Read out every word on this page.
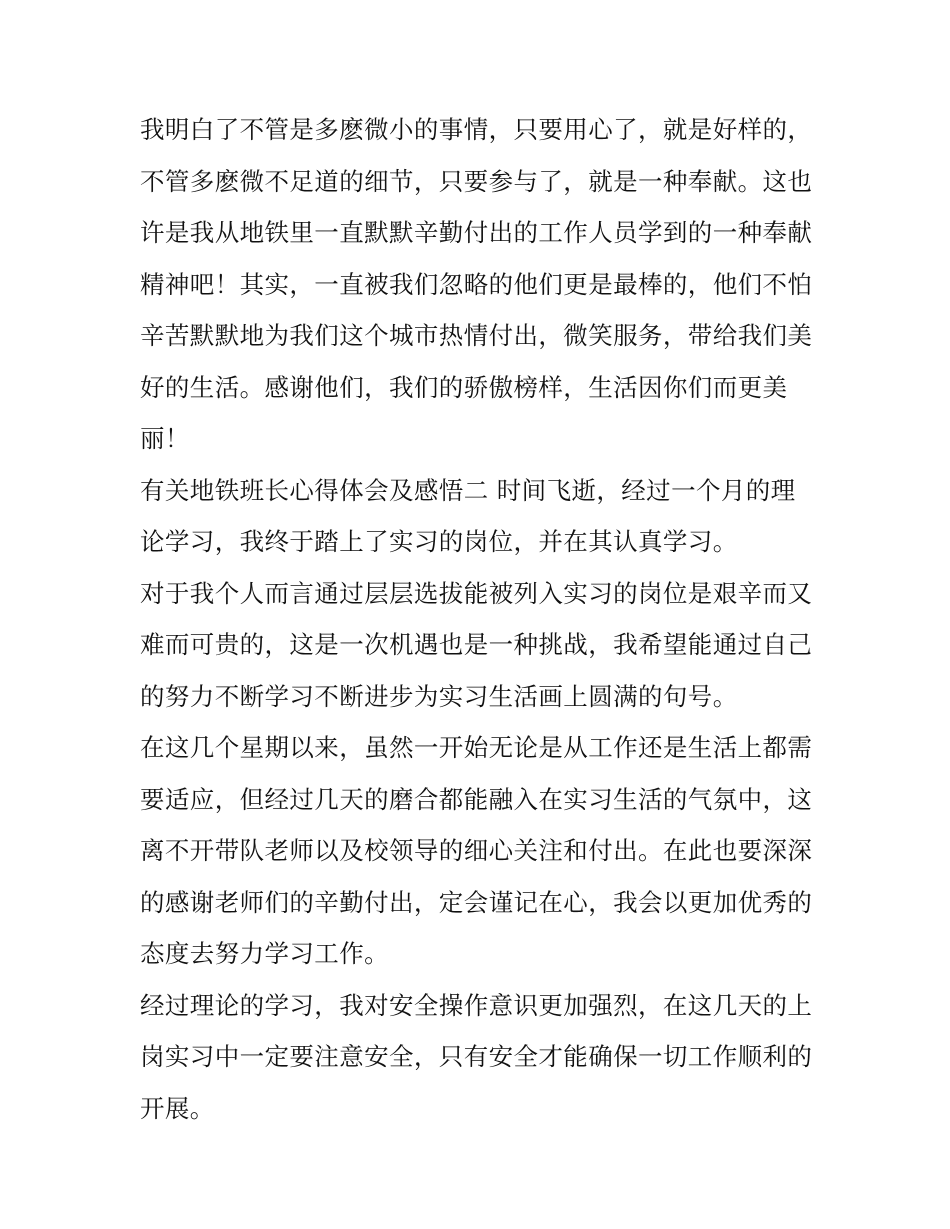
我明白了不管是多麽微小的事情，只要用心了，就是好样的，
不管多麽微不足道的细节，只要参与了，就是一种奉献。这也
许是我从地铁里一直默默辛勤付出的工作人员学到的一种奉献
精神吧！其实，一直被我们忽略的他们更是最棒的，他们不怕
辛苦默默地为我们这个城市热情付出，微笑服务，带给我们美
好的生活。感谢他们，我们的骄傲榜样，生活因你们而更美
丽！
有关地铁班长心得体会及感悟二 时间飞逝，经过一个月的理
论学习，我终于踏上了实习的岗位，并在其认真学习。
对于我个人而言通过层层选拔能被列入实习的岗位是艰辛而又
难而可贵的，这是一次机遇也是一种挑战，我希望能通过自己
的努力不断学习不断进步为实习生活画上圆满的句号。
在这几个星期以来，虽然一开始无论是从工作还是生活上都需
要适应，但经过几天的磨合都能融入在实习生活的气氛中，这
离不开带队老师以及校领导的细心关注和付出。在此也要深深
的感谢老师们的辛勤付出，定会谨记在心，我会以更加优秀的
态度去努力学习工作。
经过理论的学习，我对安全操作意识更加强烈，在这几天的上
岗实习中一定要注意安全，只有安全才能确保一切工作顺利的
开展。
